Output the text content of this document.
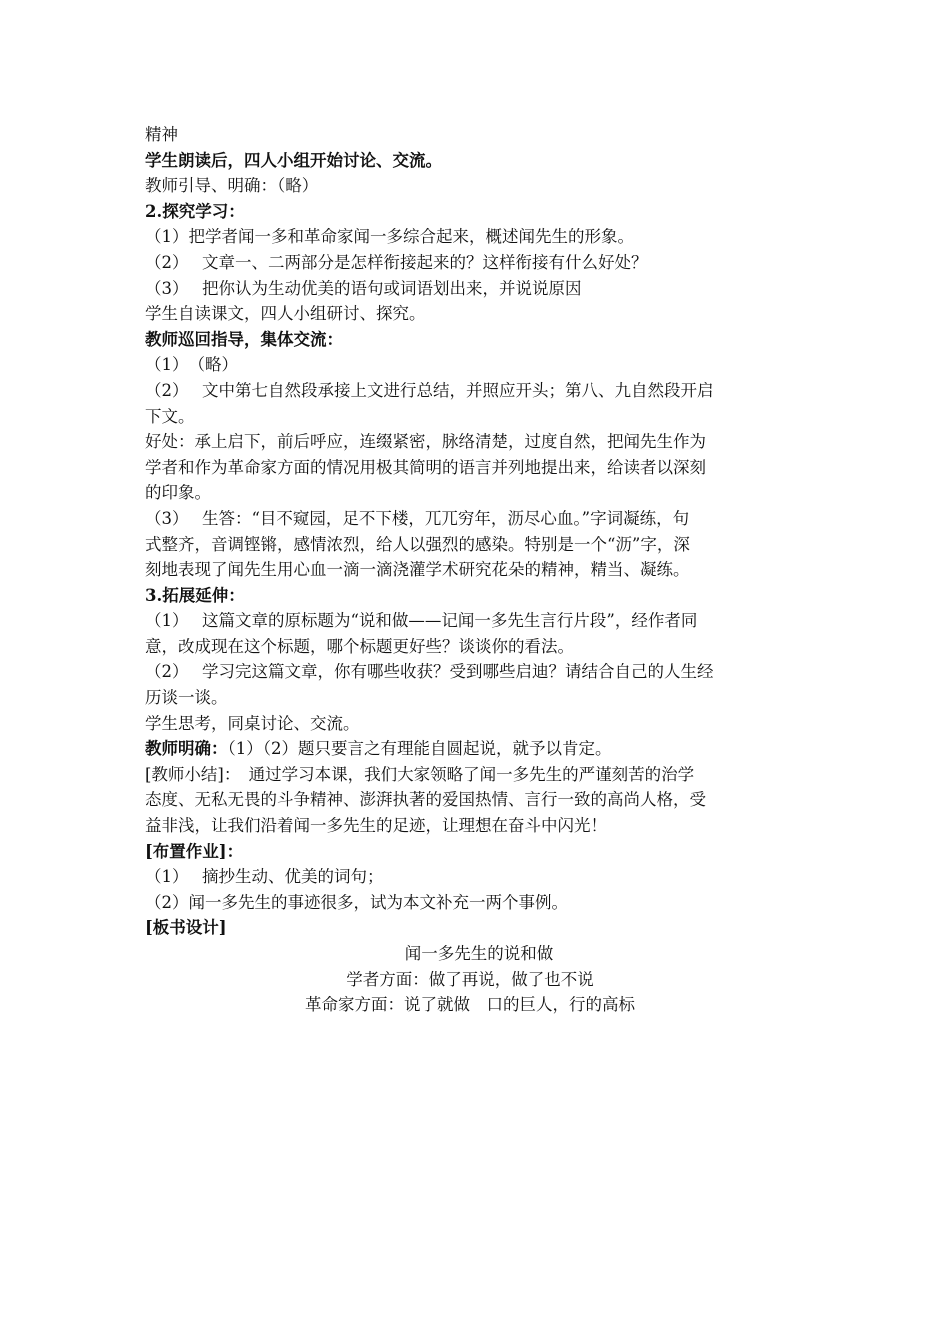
精神
学生朗读后，四人小组开始讨论、交流。
教师引导、明确：（略）
2.探究学习：
（1）把学者闻一多和革命家闻一多综合起来，概述闻先生的形象。
（2）　 文章一、二两部分是怎样衔接起来的？这样衔接有什么好处？
（3）　 把你认为生动优美的语句或词语划出来，并说说原因
学生自读课文，四人小组研讨、探究。
教师巡回指导，集体交流：
（1）　（略）
（2）　 文中第七自然段承接上文进行总结，并照应开头；第八、九自然段开启
下文。
好处：承上启下，前后呼应，连缀紧密，脉络清楚，过度自然，把闻先生作为
学者和作为革命家方面的情况用极其简明的语言并列地提出来，给读者以深刻
的印象。
（3）　 生答：“目不窥园，足不下楼，兀兀穷年，沥尽心血。”字词凝练，句
式整齐，音调铿锵，感情浓烈，给人以强烈的感染。特别是一个“沥”字，深
刻地表现了闻先生用心血一滴一滴浇灌学术研究花朵的精神，精当、凝练。
3.拓展延伸：
（1）　 这篇文章的原标题为“说和做——记闻一多先生言行片段”，经作者同
意，改成现在这个标题，哪个标题更好些？谈谈你的看法。
（2）　 学习完这篇文章，你有哪些收获？受到哪些启迪？请结合自己的人生经
历谈一谈。
学生思考，同桌讨论、交流。
教师明确：（1）（2）题只要言之有理能自圆起说，就予以肯定。
[教师小结]：　通过学习本课，我们大家领略了闻一多先生的严谨刻苦的治学
态度、无私无畏的斗争精神、澎湃执著的爱国热情、言行一致的高尚人格，受
益非浅，让我们沿着闻一多先生的足迹，让理想在奋斗中闪光！
[布置作业]：
（1）　 摘抄生动、优美的词句；
（2）闻一多先生的事迹很多，试为本文补充一两个事例。
[板书设计]
闻一多先生的说和做
学者方面：做了再说，做了也不说
革命家方面：说了就做　口的巨人，行的高标
